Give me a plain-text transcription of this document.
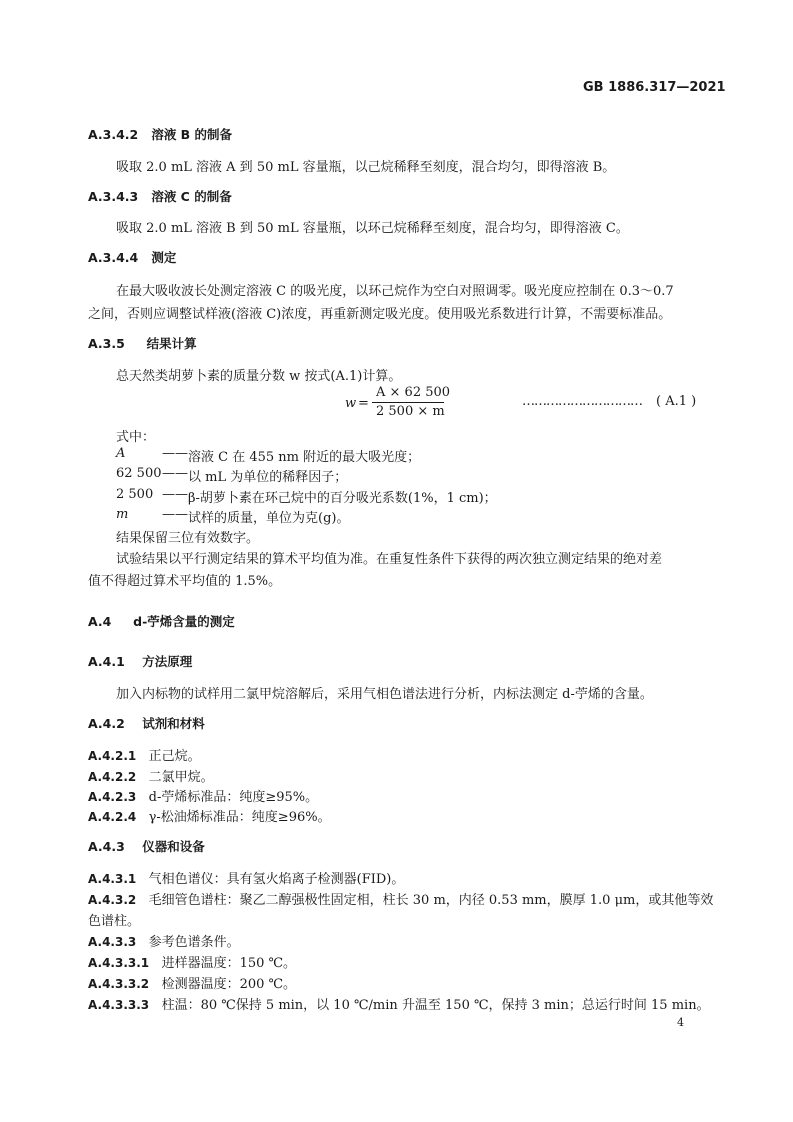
GB 1886.317—2021
A.3.4.2 溶液 B 的制备
吸取 2.0 mL 溶液 A 到 50 mL 容量瓶，以己烷稀释至刻度，混合均匀，即得溶液 B。
A.3.4.3 溶液 C 的制备
吸取 2.0 mL 溶液 B 到 50 mL 容量瓶，以环己烷稀释至刻度，混合均匀，即得溶液 C。
A.3.4.4 测定
在最大吸收波长处测定溶液 C 的吸光度，以环己烷作为空白对照调零。吸光度应控制在 0.3～0.7
之间，否则应调整试样液(溶液 C)浓度，再重新测定吸光度。使用吸光系数进行计算，不需要标准品。
A.3.5 结果计算
总天然类胡萝卜素的质量分数 w 按式(A.1)计算。
w =
A × 62 500
2 500 × m
………………………… ( A.1 )
式中：
A	—— 溶液 C 在 455 nm 附近的最大吸光度；
62 500 —— 以 mL 为单位的稀释因子；
2 500 —— β-胡萝卜素在环己烷中的百分吸光系数(1%，1 cm)；
m	—— 试样的质量，单位为克(g)。
结果保留三位有效数字。
试验结果以平行测定结果的算术平均值为准。在重复性条件下获得的两次独立测定结果的绝对差
值不得超过算术平均值的 1.5%。
A.4 d-苧烯含量的测定
A.4.1 方法原理
加入内标物的试样用二氯甲烷溶解后，采用气相色谱法进行分析，内标法测定 d-苧烯的含量。
A.4.2 试剂和材料
A.4.2.1 正己烷。
A.4.2.2 二氯甲烷。
A.4.2.3 d-苧烯标准品：纯度≥95%。
A.4.2.4 γ-松油烯标准品：纯度≥96%。
A.4.3 仪器和设备
A.4.3.1 气相色谱仪：具有氢火焰离子检测器(FID)。
A.4.3.2 毛细管色谱柱：聚乙二醇强极性固定相，柱长 30 m，内径 0.53 mm，膜厚 1.0 μm，或其他等效
色谱柱。
A.4.3.3 参考色谱条件。
A.4.3.3.1 进样器温度：150 ℃。
A.4.3.3.2 检测器温度：200 ℃。
A.4.3.3.3 柱温：80 ℃保持 5 min，以 10 ℃/min 升温至 150 ℃，保持 3 min；总运行时间 15 min。
4
